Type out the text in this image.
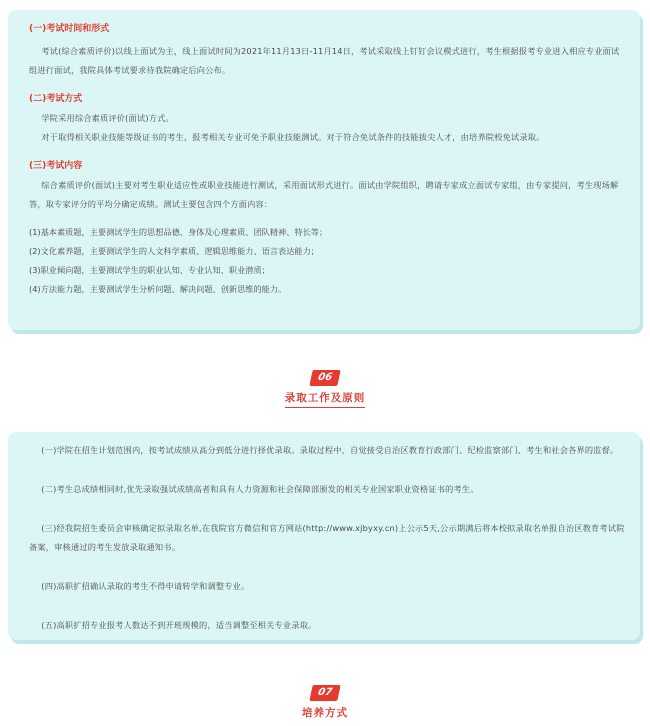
(一)考试时间和形式

考试(综合素质评价)以线上面试为主，线上面试时间为2021年11月13日-11月14日，考试采取线上钉钉会议模式进行，考生根据报考专业进入相应专业面试组进行面试，我院具体考试要求待我院确定后向公布。

(二)考试方式

学院采用综合素质评价(面试)方式。

对于取得相关职业技能等级证书的考生，报考相关专业可免予职业技能测试。对于符合免试条件的技能拔尖人才，由培养院校免试录取。

(三)考试内容

综合素质评价(面试)主要对考生职业适应性或职业技能进行测试，采用面试形式进行。面试由学院组织，聘请专家成立面试专家组，由专家提问，考生现场解答，取专家评分的平均分确定成绩。测试主要包含四个方面内容：

(1)基本素质题，主要测试学生的思想品德、身体及心理素质、团队精神、特长等；
(2)文化素养题，主要测试学生的人文科学素质、逻辑思维能力、语言表达能力；
(3)职业倾向题，主要测试学生的职业认知、专业认知、职业潜质；
(4)方法能力题，主要测试学生分析问题、解决问题、创新思维的能力。
06
录取工作及原则

(一)学院在招生计划范围内，按考试成绩从高分到低分进行择优录取。录取过程中，自觉接受自治区教育行政部门、纪检监察部门、考生和社会各界的监督。

(二)考生总成绩相同时,优先录取强试成绩高者和具有人力资源和社会保障部颁发的相关专业国家职业资格证书的考生。

(三)经我院招生委员会审核确定拟录取名单,在我院官方微信和官方网站(http://www.xjbyxy.cn)上公示5天,公示期满后将本校拟录取名单报自治区教育考试院备案，审核通过的考生发放录取通知书。

(四)高职扩招确认录取的考生不得申请转学和调整专业。

(五)高职扩招专业报考人数达不到开班规模的，适当调整至相关专业录取。

07
培养方式
